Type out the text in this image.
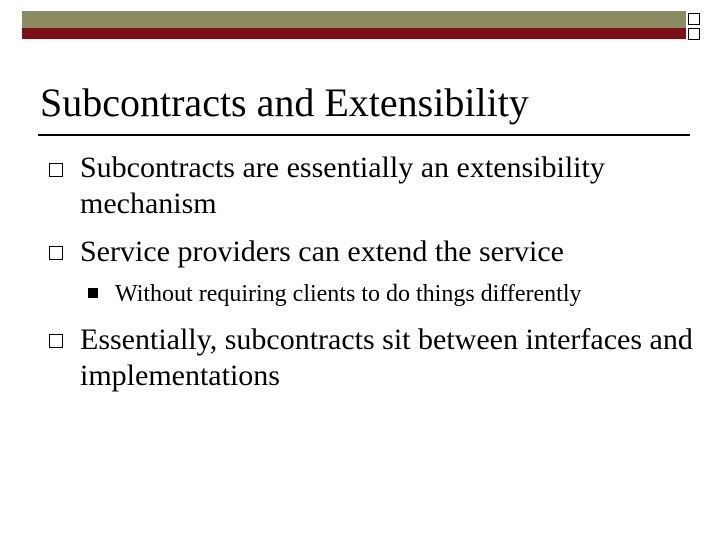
Subcontracts and Extensibility
Subcontracts are essentially an extensibility mechanism
Service providers can extend the service
Without requiring clients to do things differently
Essentially, subcontracts sit between interfaces and implementations
